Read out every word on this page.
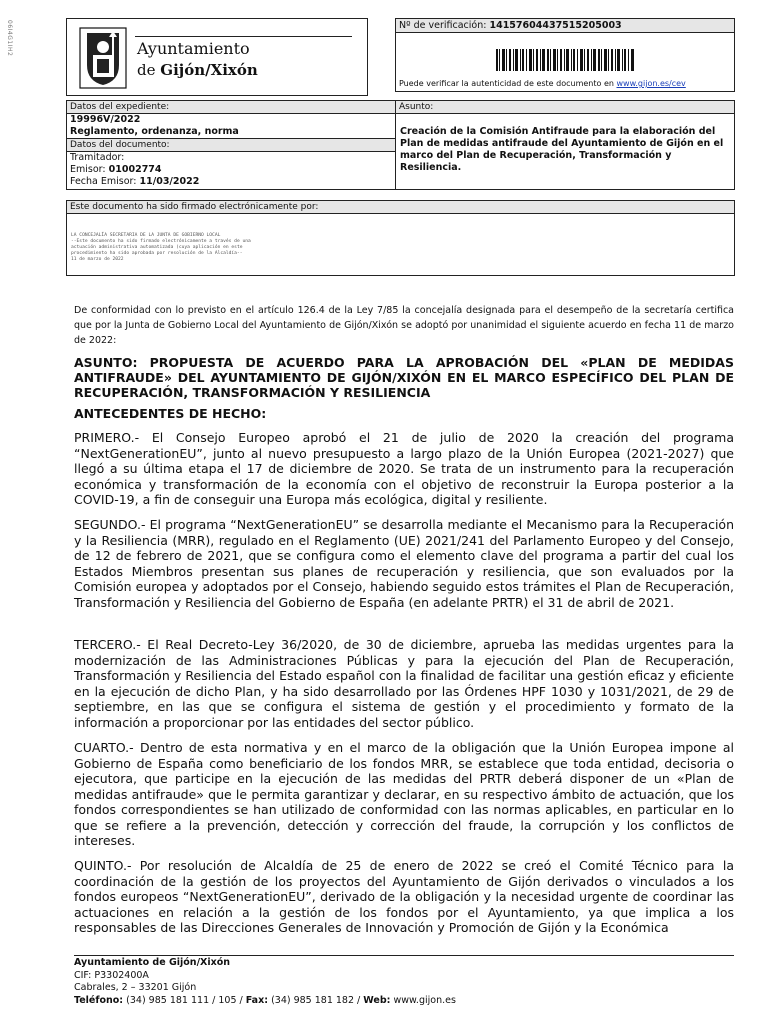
06I4G1IH2	Ayuntamiento
de Gijón/Xixón
Nº de verificación: 14157604437515205003
Puede verificar la autenticidad de este documento en www.gijon.es/cev
Datos del expediente:
19996V/2022
Reglamento, ordenanza, norma
Datos del documento:
Tramitador:
Emisor: 01002774
Fecha Emisor: 11/03/2022
Asunto:
Creación de la Comisión Antifraude para la elaboración del Plan de medidas antifraude del Ayuntamiento de Gijón en el marco del Plan de Recuperación, Transformación y Resiliencia.
Este documento ha sido firmado electrónicamente por:
LA CONCEJALÍA SECRETARIA DE LA JUNTA DE GOBIERNO LOCAL
--Este documento ha sido firmado electrónicamente a través de una
actuación administrativa automatizada (cuya aplicación en este
procedimiento ha sido aprobada por resolución de la Alcaldía--
11 de marzo de 2022
De conformidad con lo previsto en el artículo 126.4 de la Ley 7/85 la concejalía designada para el desempeño de la secretaría certifica que por la Junta de Gobierno Local del Ayuntamiento de Gijón/Xixón se adoptó por unanimidad el siguiente acuerdo en fecha 11 de marzo de 2022:
ASUNTO: PROPUESTA DE ACUERDO PARA LA APROBACIÓN DEL «PLAN DE MEDIDAS ANTIFRAUDE» DEL AYUNTAMIENTO DE GIJÓN/XIXÓN EN EL MARCO ESPECÍFICO DEL PLAN DE RECUPERACIÓN, TRANSFORMACIÓN Y RESILIENCIA
ANTECEDENTES DE HECHO:
PRIMERO.- El Consejo Europeo aprobó el 21 de julio de 2020 la creación del programa “NextGenerationEU”, junto al nuevo presupuesto a largo plazo de la Unión Europea (2021-2027) que llegó a su última etapa el 17 de diciembre de 2020. Se trata de un instrumento para la recuperación económica y transformación de la economía con el objetivo de reconstruir la Europa posterior a la COVID-19, a fin de conseguir una Europa más ecológica, digital y resiliente.
SEGUNDO.- El programa “NextGenerationEU” se desarrolla mediante el Mecanismo para la Recuperación y la Resiliencia (MRR), regulado en el Reglamento (UE) 2021/241 del Parlamento Europeo y del Consejo, de 12 de febrero de 2021, que se configura como el elemento clave del programa a partir del cual los Estados Miembros presentan sus planes de recuperación y resiliencia, que son evaluados por la Comisión europea y adoptados por el Consejo, habiendo seguido estos trámites el Plan de Recuperación, Transformación y Resiliencia del Gobierno de España (en adelante PRTR) el 31 de abril de 2021.
TERCERO.- El Real Decreto-Ley 36/2020, de 30 de diciembre, aprueba las medidas urgentes para la modernización de las Administraciones Públicas y para la ejecución del Plan de Recuperación, Transformación y Resiliencia del Estado español con la finalidad de facilitar una gestión eficaz y eficiente en la ejecución de dicho Plan, y ha sido desarrollado por las Órdenes HPF 1030 y 1031/2021, de 29 de septiembre, en las que se configura el sistema de gestión y el procedimiento y formato de la información a proporcionar por las entidades del sector público.
CUARTO.- Dentro de esta normativa y en el marco de la obligación que la Unión Europea impone al Gobierno de España como beneficiario de los fondos MRR, se establece que toda entidad, decisoria o ejecutora, que participe en la ejecución de las medidas del PRTR deberá disponer de un «Plan de medidas antifraude» que le permita garantizar y declarar, en su respectivo ámbito de actuación, que los fondos correspondientes se han utilizado de conformidad con las normas aplicables, en particular en lo que se refiere a la prevención, detección y corrección del fraude, la corrupción y los conflictos de intereses.
QUINTO.- Por resolución de Alcaldía de 25 de enero de 2022 se creó el Comité Técnico para la coordinación de la gestión de los proyectos del Ayuntamiento de Gijón derivados o vinculados a los fondos europeos “NextGenerationEU”, derivado de la obligación y la necesidad urgente de coordinar las actuaciones en relación a la gestión de los fondos por el Ayuntamiento, ya que implica a los responsables de las Direcciones Generales de Innovación y Promoción de Gijón y la Económica
Ayuntamiento de Gijón/Xixón
CIF: P3302400A
Cabrales, 2 – 33201 Gijón
Teléfono: (34) 985 181 111 / 105 / Fax: (34) 985 181 182 / Web: www.gijon.es
